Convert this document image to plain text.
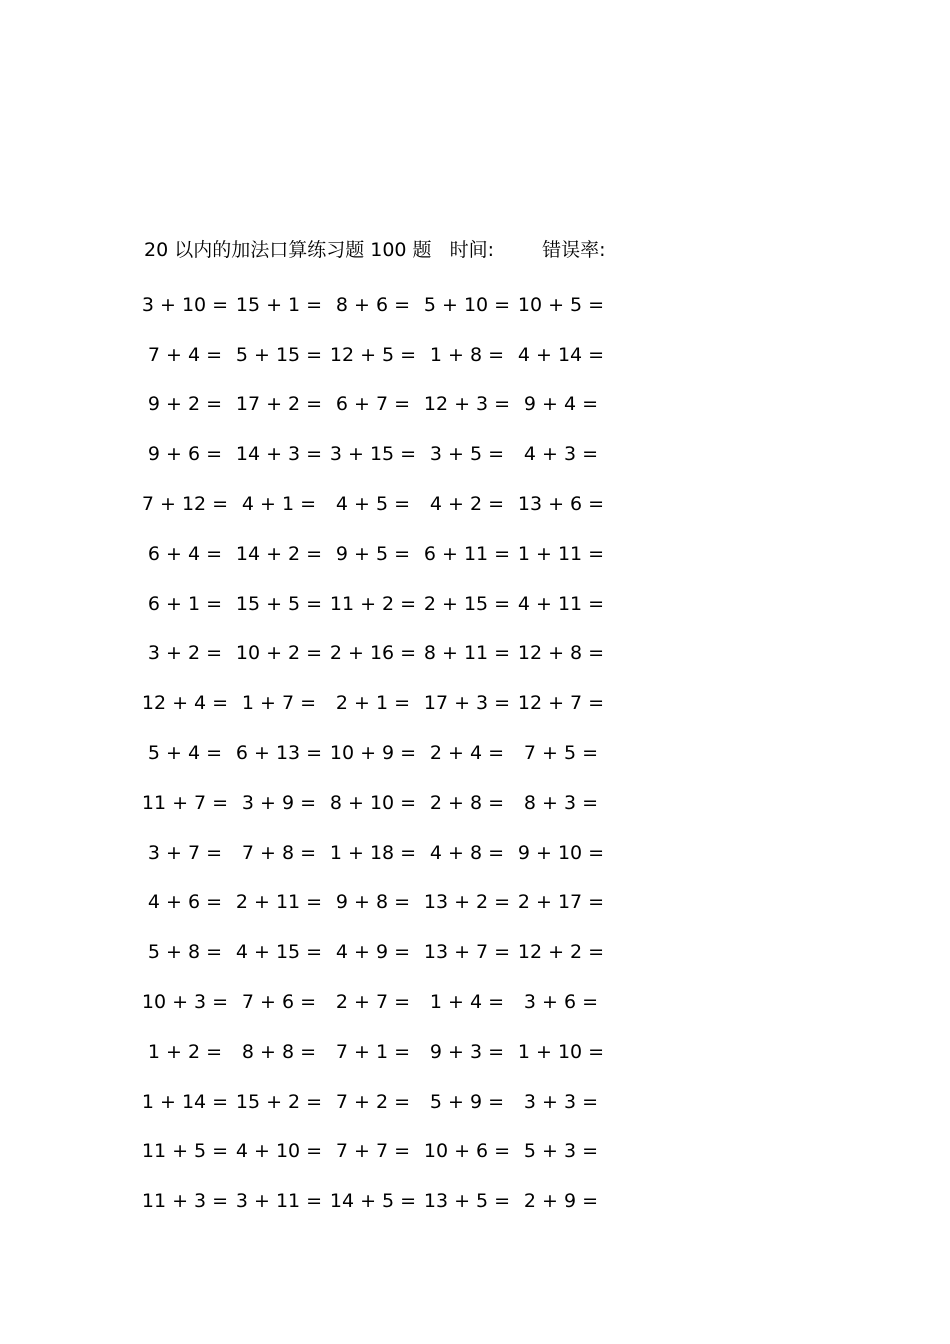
20 以内的加法口算练习题 100 题 时间:	错误率:
3 + 10 = 15 + 1 = 8 + 6 = 5 + 10 = 10 + 5 =
7 + 4 = 5 + 15 = 12 + 5 = 1 + 8 = 4 + 14 =
9 + 2 = 17 + 2 = 6 + 7 = 12 + 3 = 9 + 4 =
9 + 6 = 14 + 3 = 3 + 15 = 3 + 5 =	4 + 3 =
7 + 12 = 4 + 1 =	4 + 5 =	4 + 2 = 13 + 6 =
6 + 4 = 14 + 2 = 9 + 5 = 6 + 11 = 1 + 11 =
6 + 1 = 15 + 5 = 11 + 2 = 2 + 15 = 4 + 11 =
3 + 2 = 10 + 2 = 2 + 16 = 8 + 11 = 12 + 8 =
12 + 4 = 1 + 7 =	2 + 1 = 17 + 3 = 12 + 7 =
5 + 4 = 6 + 13 = 10 + 9 = 2 + 4 =	7 + 5 =
11 + 7 = 3 + 9 = 8 + 10 = 2 + 8 =	8 + 3 =
3 + 7 =	7 + 8 = 1 + 18 = 4 + 8 = 9 + 10 =
4 + 6 = 2 + 11 = 9 + 8 = 13 + 2 = 2 + 17 =
5 + 8 = 4 + 15 = 4 + 9 = 13 + 7 = 12 + 2 =
10 + 3 = 7 + 6 =	2 + 7 =	1 + 4 =	3 + 6 =
1 + 2 =	8 + 8 =	7 + 1 =	9 + 3 = 1 + 10 =
1 + 14 = 15 + 2 = 7 + 2 =	5 + 9 =	3 + 3 =
11 + 5 = 4 + 10 = 7 + 7 = 10 + 6 = 5 + 3 =
11 + 3 = 3 + 11 = 14 + 5 = 13 + 5 = 2 + 9 =
